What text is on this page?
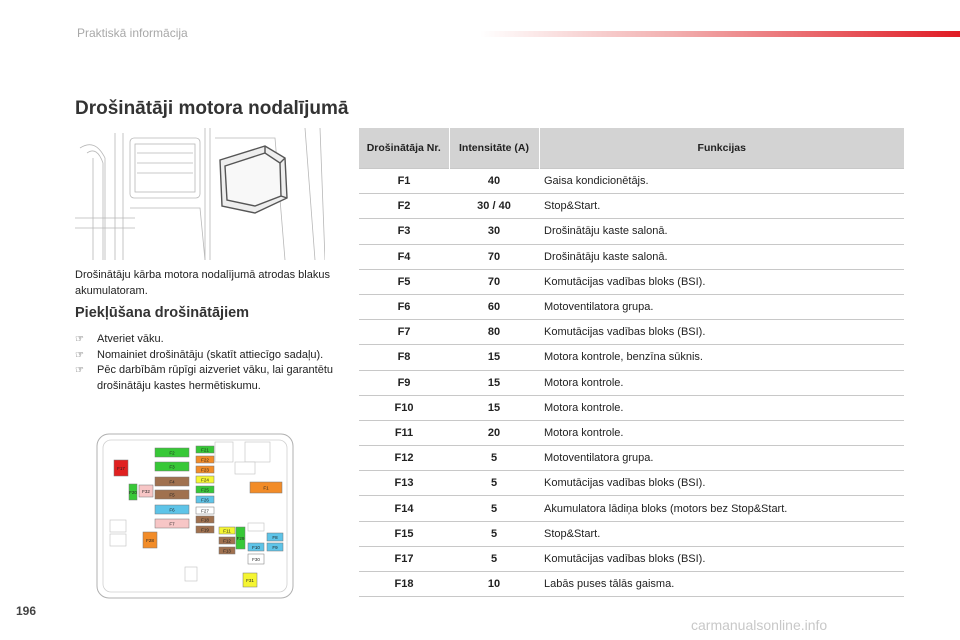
Praktiskā informācija
Drošinātāji motora nodalījumā
Drošinātāju kārba motora nodalījumā atrodas blakus akumulatoram.
Piekļūšana drošinātājiem
☞ Atveriet vāku.
☞ Nomainiet drošinātāju (skatīt attiecīgo sadaļu).
☞ Pēc darbībām rūpīgi aizveriet vāku, lai garantētu drošinātāju kastes hermētiskumu.
F2
F3
F4
F5
F6
F7
F1
F21
F22
F23
F24
F25
F26
F27
F18
F19
F32
F20
F17
F28
F11
F12
F13
F29	F8
F9
F10
F30
F31
Drošinātāja Nr.	Intensitāte (A)	Funkcijas
F1	40	Gaisa kondicionētājs.
F2	30 / 40	Stop&Start.
F3	30	Drošinātāju kaste salonā.
F4	70	Drošinātāju kaste salonā.
F5	70	Komutācijas vadības bloks (BSI).
F6	60	Motoventilatora grupa.
F7	80	Komutācijas vadības bloks (BSI).
F8	15	Motora kontrole, benzīna sūknis.
F9	15	Motora kontrole.
F10	15	Motora kontrole.
F11	20	Motora kontrole.
F12	5	Motoventilatora grupa.
F13	5	Komutācijas vadības bloks (BSI).
F14	5	Akumulatora lādiņa bloks (motors bez Stop&Start.
F15	5	Stop&Start.
F17	5	Komutācijas vadības bloks (BSI).
F18	10	Labās puses tālās gaisma.
196
carmanualsonline.info
